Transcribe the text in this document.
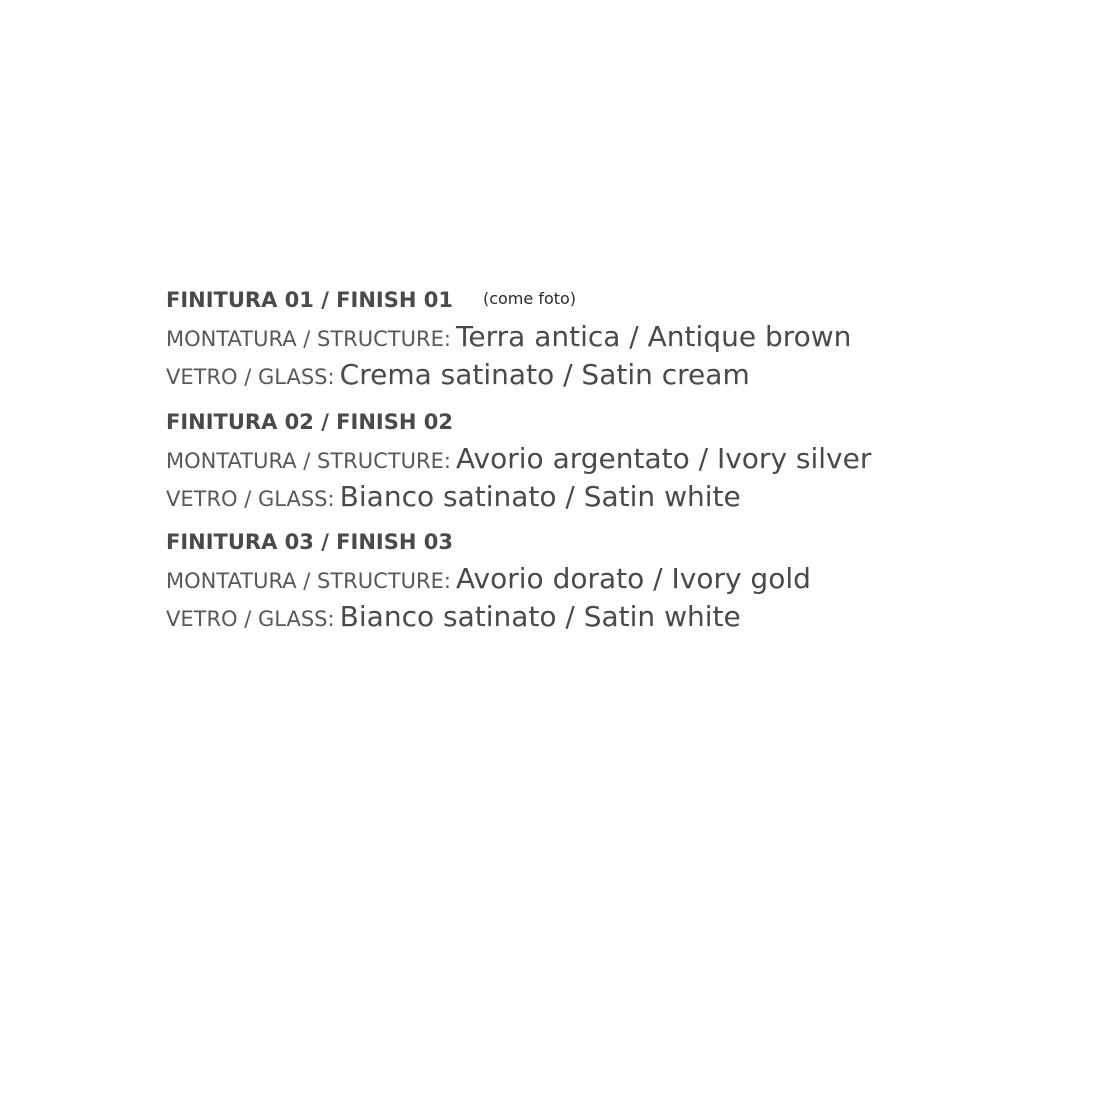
FINITURA 01 / FINISH 01 (come foto)
MONTATURA / STRUCTURE: Terra antica / Antique brown
VETRO / GLASS: Crema satinato / Satin cream
FINITURA 02 / FINISH 02
MONTATURA / STRUCTURE: Avorio argentato / Ivory silver
VETRO / GLASS: Bianco satinato / Satin white
FINITURA 03 / FINISH 03
MONTATURA / STRUCTURE: Avorio dorato / Ivory gold
VETRO / GLASS: Bianco satinato / Satin white
